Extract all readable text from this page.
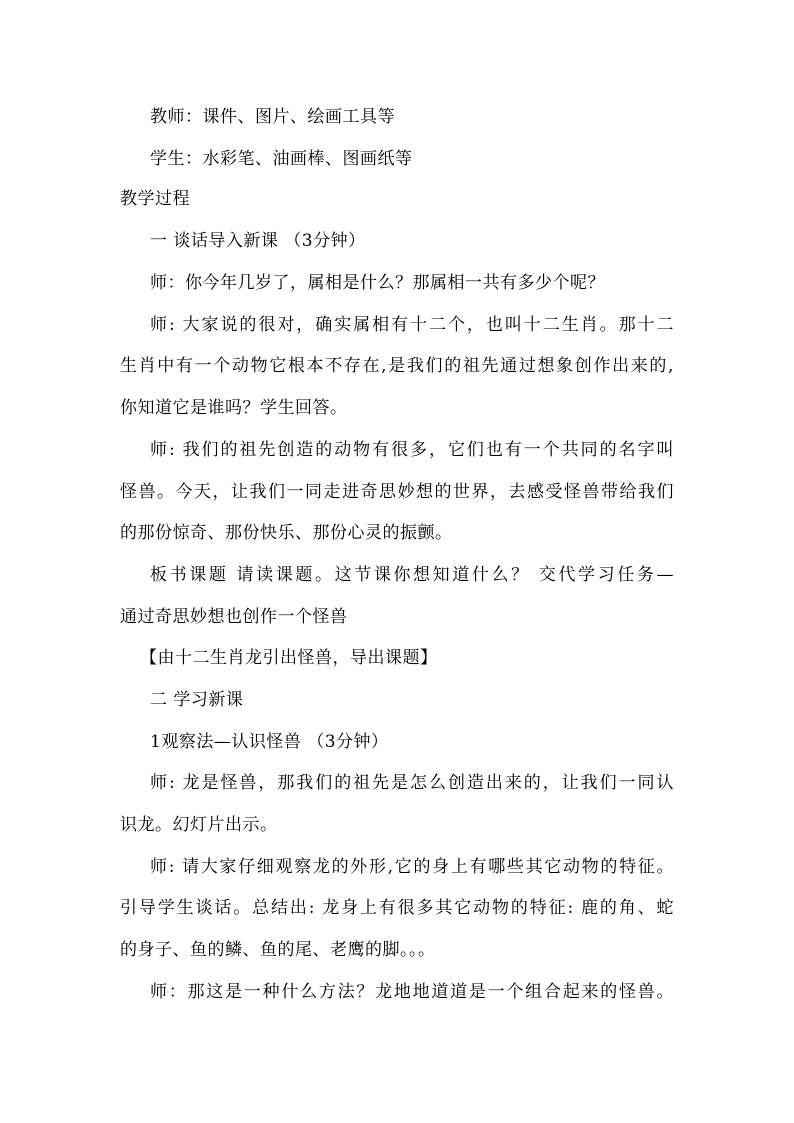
教师：课件、图片、绘画工具等
学生：水彩笔、油画棒、图画纸等
教学过程
一 谈话导入新课 （3分钟）
师：你今年几岁了，属相是什么？那属相一共有多少个呢？
师: 大家说的很对，确实属相有十二个，也叫十二生肖。那十二
生肖中有一个动物它根本不存在,是我们的祖先通过想象创作出来的,
你知道它是谁吗？学生回答。
师: 我们的祖先创造的动物有很多，它们也有一个共同的名字叫
怪兽。今天，让我们一同走进奇思妙想的世界，去感受怪兽带给我们
的那份惊奇、那份快乐、那份心灵的振颤。
板书课题 请读课题。这节课你想知道什么？ 交代学习任务—
通过奇思妙想也创作一个怪兽
【由十二生肖龙引出怪兽，导出课题】
二 学习新课
1观察法—认识怪兽 （3分钟）
师: 龙是怪兽，那我们的祖先是怎么创造出来的，让我们一同认
识龙。幻灯片出示。
师: 请大家仔细观察龙的外形,它的身上有哪些其它动物的特征。
引导学生谈话。总结出: 龙身上有很多其它动物的特征: 鹿的角、蛇
的身子、鱼的鳞、鱼的尾、老鹰的脚。。。
师：那这是一种什么方法？龙地地道道是一个组合起来的怪兽。
